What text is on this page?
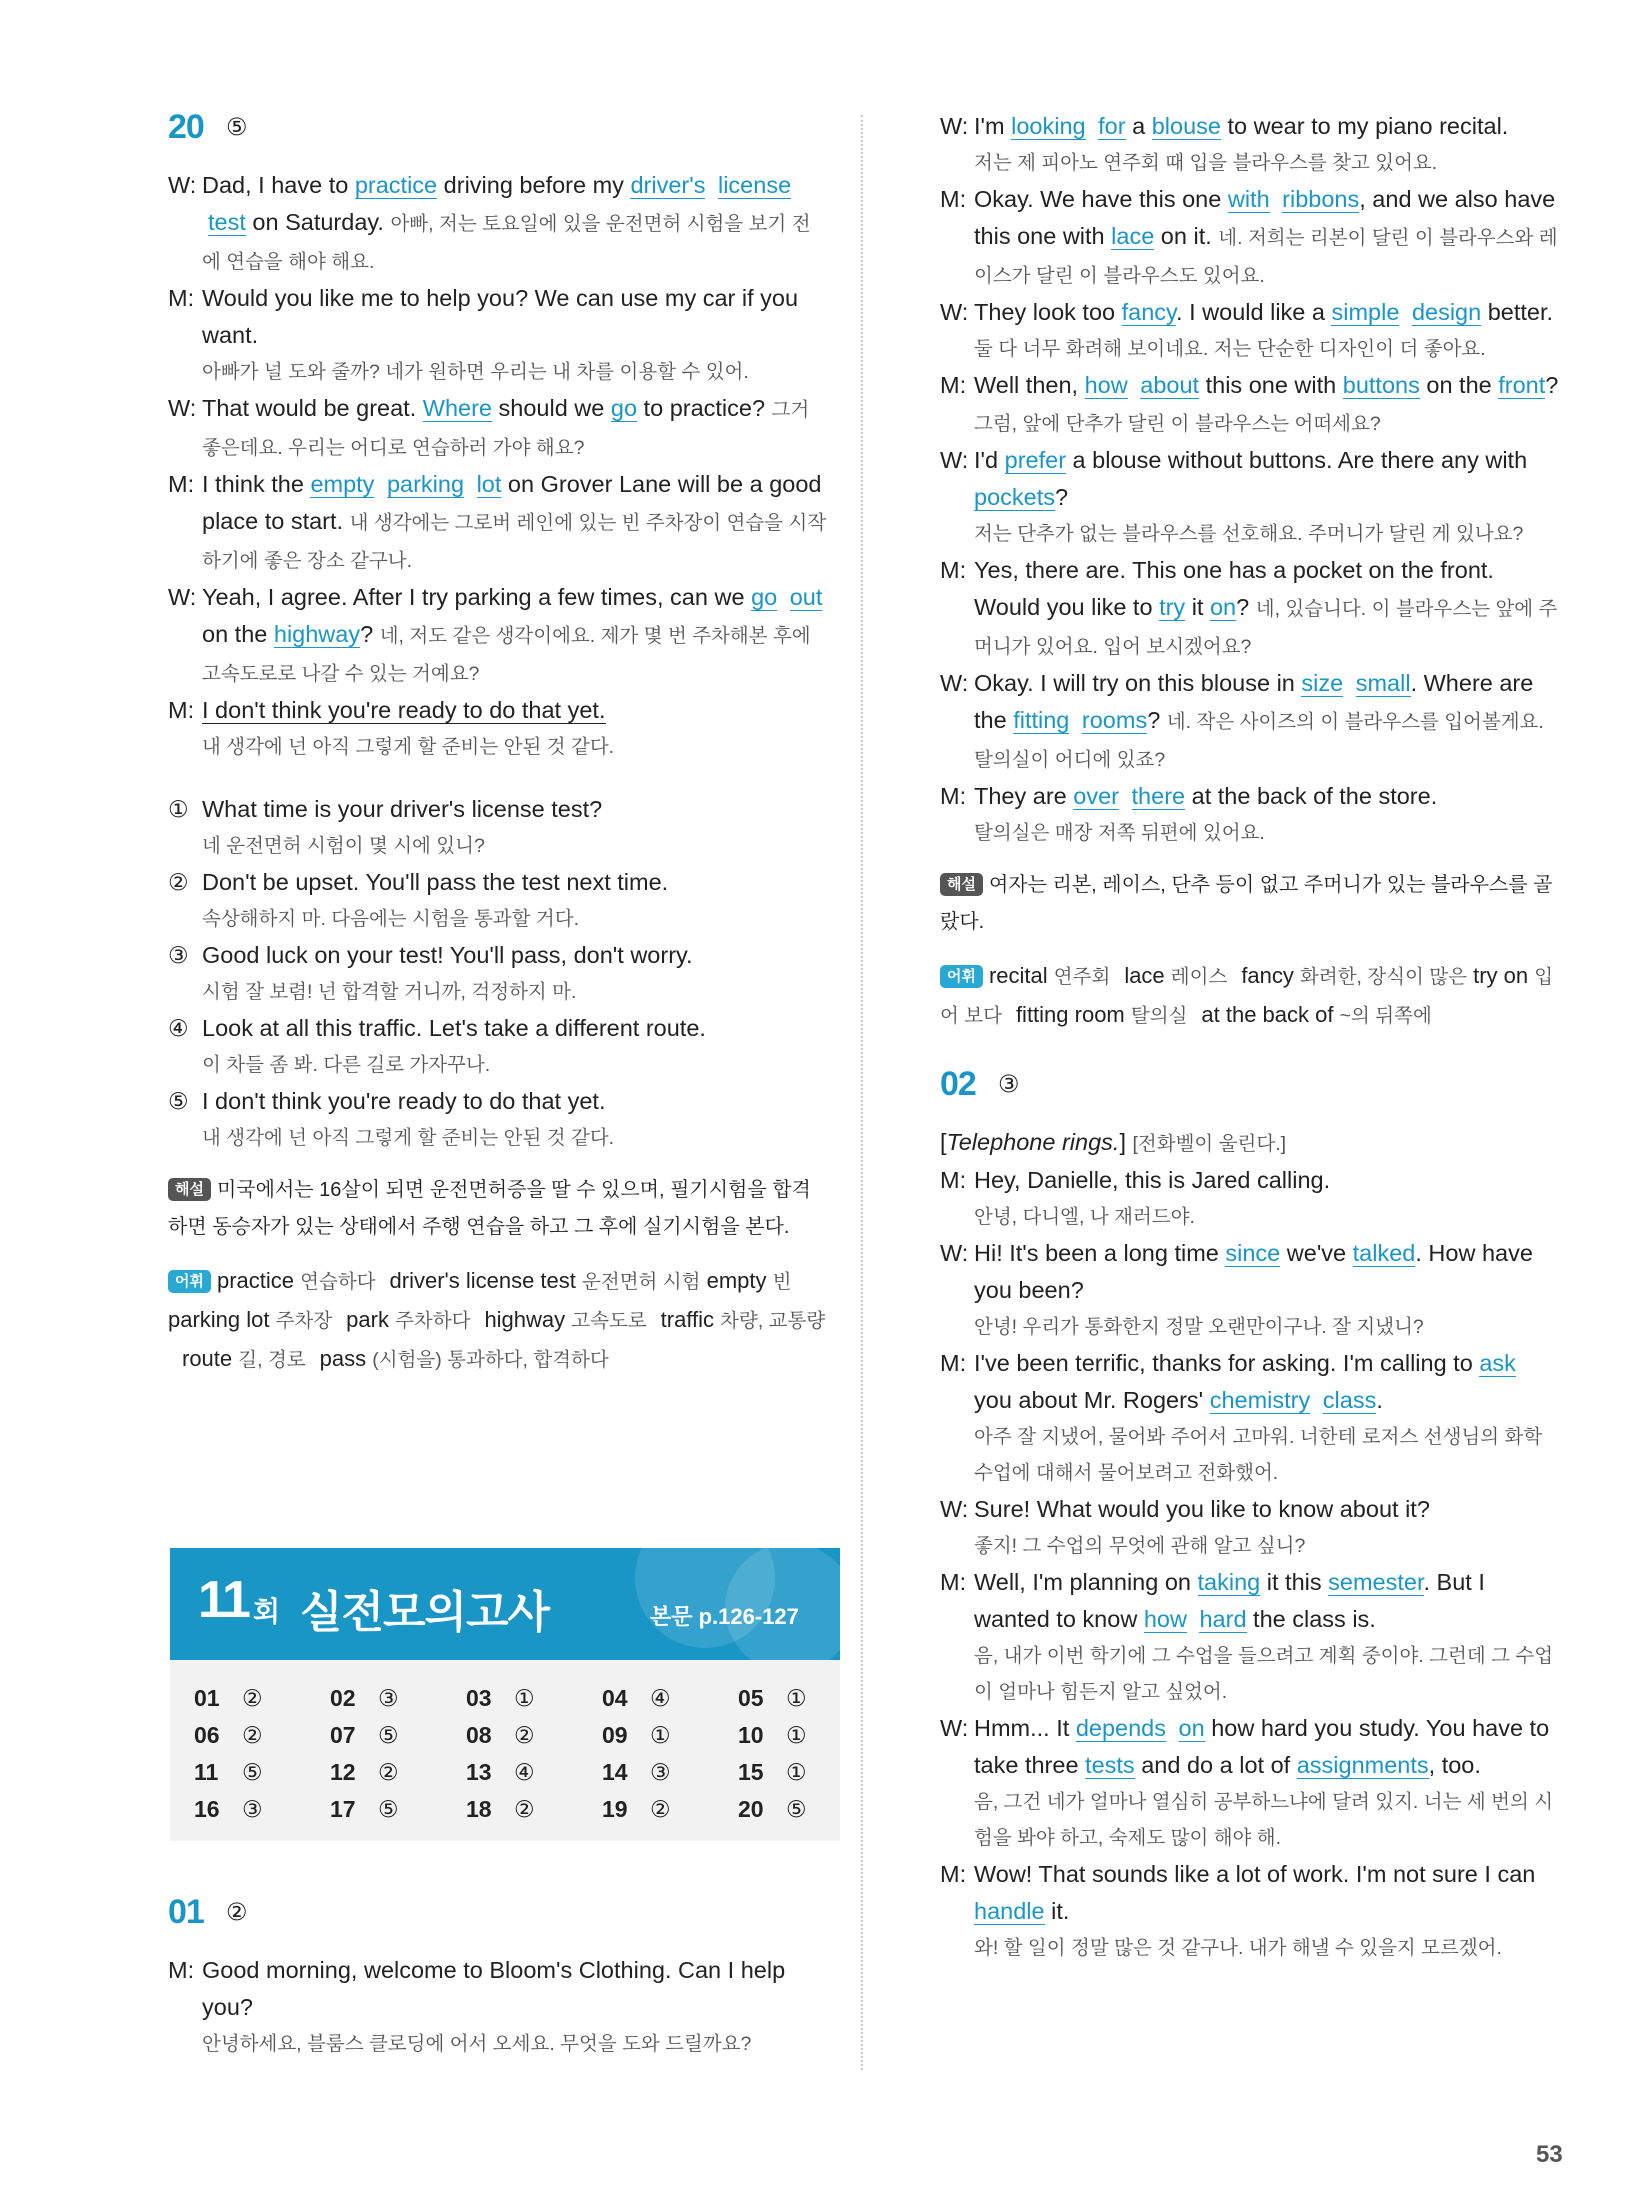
20 ⑤

W: Dad, I have to practice driving before my driver's license test on Saturday. 아빠, 저는 토요일에 있을 운전면허 시험을 보기 전에 연습을 해야 해요.

M: Would you like me to help you? We can use my car if you want.

아빠가 널 도와 줄까? 네가 원하면 우리는 내 차를 이용할 수 있어.

W: That would be great. Where should we go to practice? 그거 좋은데요. 우리는 어디로 연습하러 가야 해요?

M: I think the empty parking lot on Grover Lane will be a good place to start. 내 생각에는 그로버 레인에 있는 빈 주차장이 연습을 시작하기에 좋은 장소 같구나.

W: Yeah, I agree. After I try parking a few times, can we go out on the highway? 네, 저도 같은 생각이에요. 제가 몇 번 주차해본 후에 고속도로로 나갈 수 있는 거예요?

M: I don't think you're ready to do that yet.

내 생각에 넌 아직 그렇게 할 준비는 안된 것 같다.

① What time is your driver's license test?
네 운전면허 시험이 몇 시에 있니?
② Don't be upset. You'll pass the test next time.
속상해하지 마. 다음에는 시험을 통과할 거다.
③ Good luck on your test! You'll pass, don't worry.
시험 잘 보렴! 넌 합격할 거니까, 걱정하지 마.
④ Look at all this traffic. Let's take a different route.
이 차들 좀 봐. 다른 길로 가자꾸나.
⑤ I don't think you're ready to do that yet.
내 생각에 넌 아직 그렇게 할 준비는 안된 것 같다.
해설 미국에서는 16살이 되면 운전면허증을 딸 수 있으며, 필기시험을 합격하면 동승자가 있는 상태에서 주행 연습을 하고 그 후에 실기시험을 본다.
어휘 practice 연습하다 driver's license test 운전면허 시험 empty 빈parking lot 주차장 park 주차하다 highway 고속도로 traffic 차량, 교통량route 길, 경로 pass (시험을) 통과하다, 합격하다
11 회 실전모의고사	본문 p.126-127
01 ②	02 ③	03 ①	04 ④	05 ①
06 ②	07 ⑤	08 ②	09 ①	10 ①
11 ⑤	12 ②	13 ④	14 ③	15 ①
16 ③	17 ⑤	18 ②	19 ②	20 ⑤
01 ②

M: Good morning, welcome to Bloom's Clothing. Can I help you?

안녕하세요, 블룸스 클로딩에 어서 오세요. 무엇을 도와 드릴까요?

W: I'm looking for a blouse to wear to my piano recital.

저는 제 피아노 연주회 때 입을 블라우스를 찾고 있어요.

M: Okay. We have this one with ribbons, and we also have this one with lace on it. 네. 저희는 리본이 달린 이 블라우스와 레이스가 달린 이 블라우스도 있어요.

W: They look too fancy. I would like a simple design better.

둘 다 너무 화려해 보이네요. 저는 단순한 디자인이 더 좋아요.

M: Well then, how about this one with buttons on the front? 그럼, 앞에 단추가 달린 이 블라우스는 어떠세요?

W: I'd prefer a blouse without buttons. Are there any with pockets?

저는 단추가 없는 블라우스를 선호해요. 주머니가 달린 게 있나요?

M: Yes, there are. This one has a pocket on the front. Would you like to try it on? 네, 있습니다. 이 블라우스는 앞에 주머니가 있어요. 입어 보시겠어요?

W: Okay. I will try on this blouse in size small. Where are the fitting rooms? 네. 작은 사이즈의 이 블라우스를 입어볼게요. 탈의실이 어디에 있죠?

M: They are over there at the back of the store.

탈의실은 매장 저쪽 뒤편에 있어요.

해설 여자는 리본, 레이스, 단추 등이 없고 주머니가 있는 블라우스를 골랐다.
어휘 recital 연주회 lace 레이스 fancy 화려한, 장식이 많은 try on 입어 보다 fitting room 탈의실 at the back of ~의 뒤쪽에
02 ③

[Telephone rings.] [전화벨이 울린다.]

M: Hey, Danielle, this is Jared calling.

안녕, 다니엘, 나 재러드야.

W: Hi! It's been a long time since we've talked. How have you been?

안녕! 우리가 통화한지 정말 오랜만이구나. 잘 지냈니?

M: I've been terrific, thanks for asking. I'm calling to ask you about Mr. Rogers' chemistry class.

아주 잘 지냈어, 물어봐 주어서 고마워. 너한테 로저스 선생님의 화학 수업에 대해서 물어보려고 전화했어.

W: Sure! What would you like to know about it?

좋지! 그 수업의 무엇에 관해 알고 싶니?

M: Well, I'm planning on taking it this semester. But I wanted to know how hard the class is.

음, 내가 이번 학기에 그 수업을 들으려고 계획 중이야. 그런데 그 수업이 얼마나 힘든지 알고 싶었어.

W: Hmm... It depends on how hard you study. You have to take three tests and do a lot of assignments, too.

음, 그건 네가 얼마나 열심히 공부하느냐에 달려 있지. 너는 세 번의 시험을 봐야 하고, 숙제도 많이 해야 해.

M: Wow! That sounds like a lot of work. I'm not sure I can handle it.

와! 할 일이 정말 많은 것 같구나. 내가 해낼 수 있을지 모르겠어.

53
